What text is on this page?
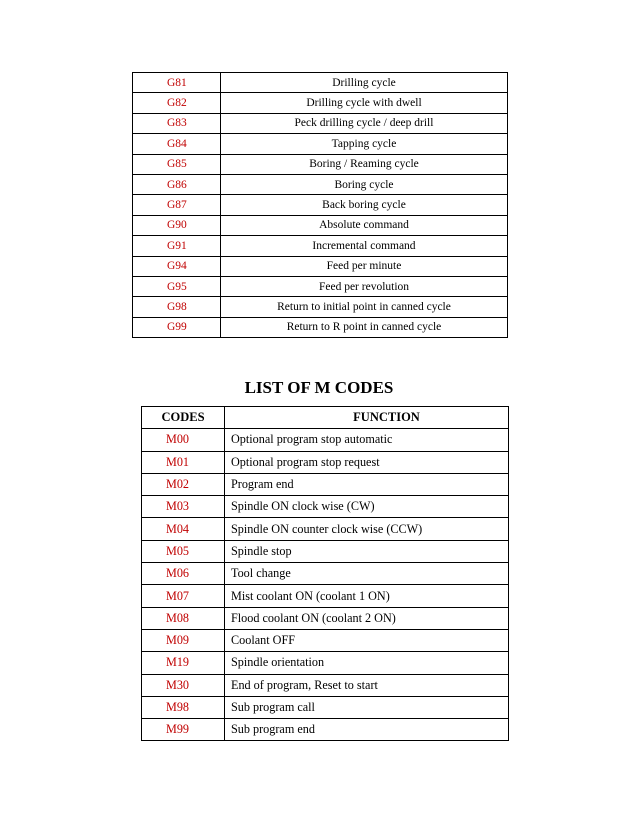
G81	Drilling cycle
G82	Drilling cycle with dwell
G83	Peck drilling cycle / deep drill
G84	Tapping cycle
G85	Boring / Reaming cycle
G86	Boring cycle
G87	Back boring cycle
G90	Absolute command
G91	Incremental command
G94	Feed per minute
G95	Feed per revolution
G98	Return to initial point in canned cycle
G99	Return to R point in canned cycle
LIST OF M CODES
CODES	FUNCTION
M00	Optional program stop automatic
M01	Optional program stop request
M02	Program end
M03	Spindle ON clock wise (CW)
M04	Spindle ON counter clock wise (CCW)
M05	Spindle stop
M06	Tool change
M07	Mist coolant ON (coolant 1 ON)
M08	Flood coolant ON (coolant 2 ON)
M09	Coolant OFF
M19	Spindle orientation
M30	End of program, Reset to start
M98	Sub program call
M99	Sub program end
